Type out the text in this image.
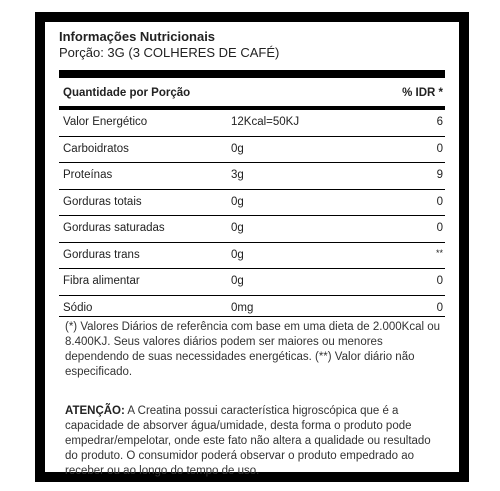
Informações Nutricionais
Porção: 3G (3 COLHERES DE CAFÉ)
Quantidade por Porção	% IDR *
Valor Energético	12Kcal=50KJ	6
Carboidratos	0g	0
Proteínas	3g	9
Gorduras totais	0g	0
Gorduras saturadas	0g	0
Gorduras trans	0g	**
Fibra alimentar	0g	0
Sódio	0mg	0
(*) Valores Diários de referência com base em uma dieta de 2.000Kcal ou 8.400KJ. Seus valores diários podem ser maiores ou menores dependendo de suas necessidades energéticas. (**) Valor diário não especificado.
ATENÇÃO: A Creatina possui característica higroscópica que é a capacidade de absorver água/umidade, desta forma o produto pode empedrar/empelotar, onde este fato não altera a qualidade ou resultado do produto. O consumidor poderá observar o produto empedrado ao receber ou ao longo do tempo de uso.
